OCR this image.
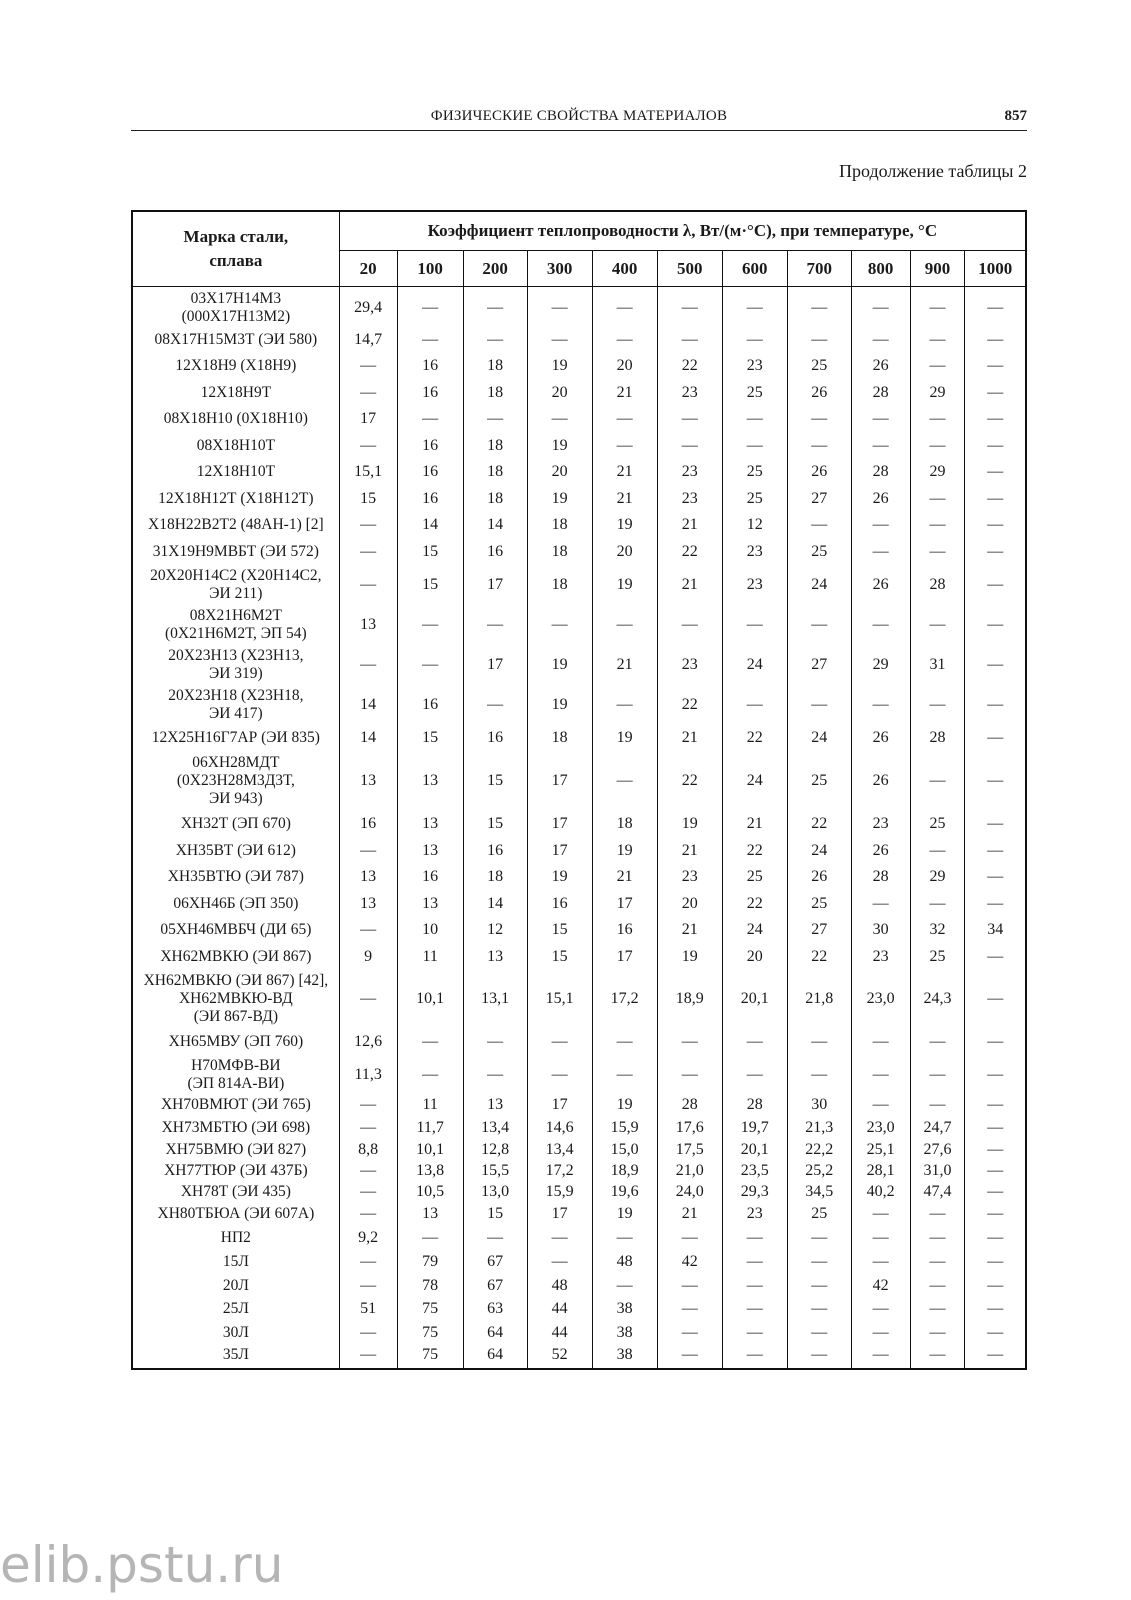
ФИЗИЧЕСКИЕ СВОЙСТВА МАТЕРИАЛОВ	857
Продолжение таблицы 2
Марка стали,
сплава	Коэффициент теплопроводности λ, Вт/(м·°С), при температуре, °С										
	20	100	200	300	400	500	600	700	800	900	1000
03Х17Н14М3
(000Х17Н13М2)	29,4	—	—	—	—	—	—	—	—	—	—
08Х17Н15М3Т (ЭИ 580)	14,7	—	—	—	—	—	—	—	—	—	—
12Х18Н9 (Х18Н9)	—	16	18	19	20	22	23	25	26	—	—
12Х18Н9Т	—	16	18	20	21	23	25	26	28	29	—
08Х18Н10 (0Х18Н10)	17	—	—	—	—	—	—	—	—	—	—
08Х18Н10Т	—	16	18	19	—	—	—	—	—	—	—
12Х18Н10Т	15,1	16	18	20	21	23	25	26	28	29	—
12Х18Н12Т (Х18Н12Т)	15	16	18	19	21	23	25	27	26	—	—
Х18Н22В2Т2 (48АН-1) [2]	—	14	14	18	19	21	12	—	—	—	—
31Х19Н9МВБТ (ЭИ 572)	—	15	16	18	20	22	23	25	—	—	—
20Х20Н14С2 (Х20Н14С2,
ЭИ 211)	—	15	17	18	19	21	23	24	26	28	—
08Х21Н6М2Т
(0Х21Н6М2Т, ЭП 54)	13	—	—	—	—	—	—	—	—	—	—
20Х23Н13 (Х23Н13,
ЭИ 319)	—	—	17	19	21	23	24	27	29	31	—
20Х23Н18 (Х23Н18,
ЭИ 417)	14	16	—	19	—	22	—	—	—	—	—
12Х25Н16Г7АР (ЭИ 835)	14	15	16	18	19	21	22	24	26	28	—
06ХН28МДТ
(0Х23Н28М3Д3Т,
ЭИ 943)	13	13	15	17	—	22	24	25	26	—	—
ХН32Т (ЭП 670)	16	13	15	17	18	19	21	22	23	25	—
ХН35ВТ (ЭИ 612)	—	13	16	17	19	21	22	24	26	—	—
ХН35ВТЮ (ЭИ 787)	13	16	18	19	21	23	25	26	28	29	—
06ХН46Б (ЭП 350)	13	13	14	16	17	20	22	25	—	—	—
05ХН46МВБЧ (ДИ 65)	—	10	12	15	16	21	24	27	30	32	34
ХН62МВКЮ (ЭИ 867)	9	11	13	15	17	19	20	22	23	25	—
ХН62МВКЮ (ЭИ 867) [42],
ХН62МВКЮ-ВД
(ЭИ 867-ВД)	—	10,1	13,1	15,1	17,2	18,9	20,1	21,8	23,0	24,3	—
ХН65МВУ (ЭП 760)	12,6	—	—	—	—	—	—	—	—	—	—
Н70МФВ-ВИ
(ЭП 814А-ВИ)	11,3	—	—	—	—	—	—	—	—	—	—
ХН70ВМЮТ (ЭИ 765)	—	11	13	17	19	28	28	30	—	—	—
ХН73МБТЮ (ЭИ 698)	—	11,7	13,4	14,6	15,9	17,6	19,7	21,3	23,0	24,7	—
ХН75ВМЮ (ЭИ 827)	8,8	10,1	12,8	13,4	15,0	17,5	20,1	22,2	25,1	27,6	—
ХН77ТЮР (ЭИ 437Б)	—	13,8	15,5	17,2	18,9	21,0	23,5	25,2	28,1	31,0	—
ХН78Т (ЭИ 435)	—	10,5	13,0	15,9	19,6	24,0	29,3	34,5	40,2	47,4	—
ХН80ТБЮА (ЭИ 607А)	—	13	15	17	19	21	23	25	—	—	—
НП2	9,2	—	—	—	—	—	—	—	—	—	—
15Л	—	79	67	—	48	42	—	—	—	—	—
20Л	—	78	67	48	—	—	—	—	42	—	—
25Л	51	75	63	44	38	—	—	—	—	—	—
30Л	—	75	64	44	38	—	—	—	—	—	—
35Л	—	75	64	52	38	—	—	—	—	—	—
elib.pstu.ru
